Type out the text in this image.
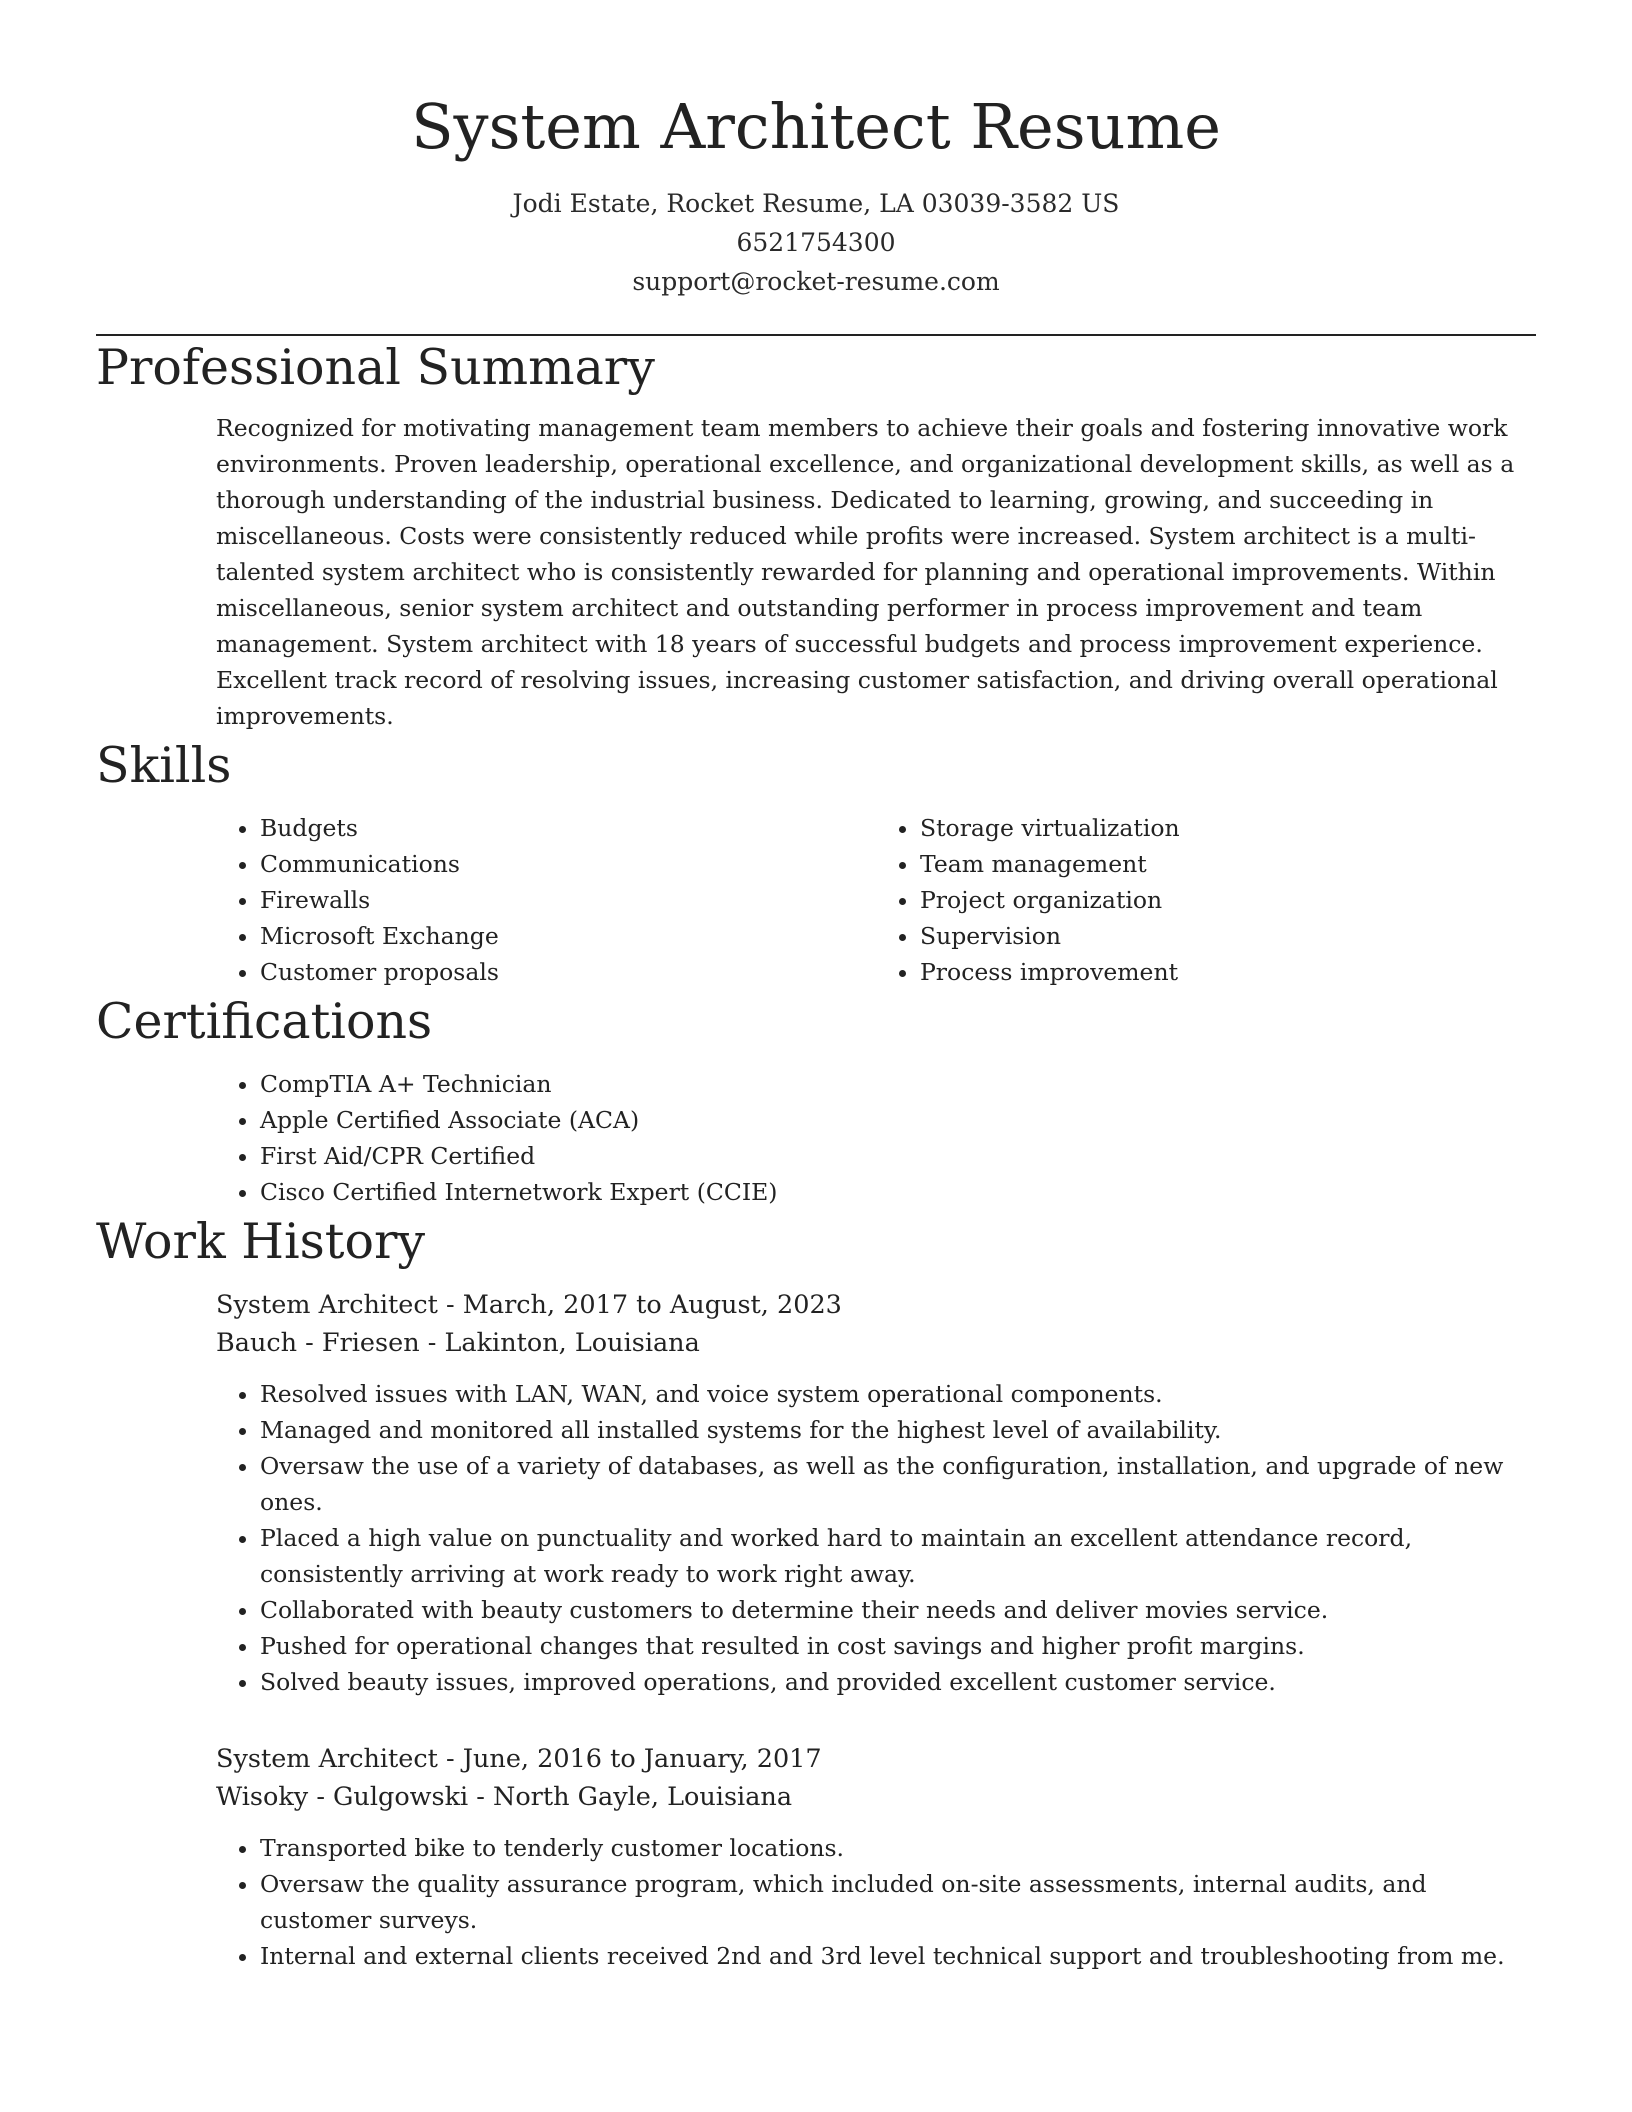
System Architect Resume
Jodi Estate, Rocket Resume, LA 03039-3582 US
6521754300
support@rocket-resume.com
Professional Summary

Recognized for motivating management team members to achieve their goals and fostering innovative work environments. Proven leadership, operational excellence, and organizational development skills, as well as a thorough understanding of the industrial business. Dedicated to learning, growing, and succeeding in miscellaneous. Costs were consistently reduced while profits were increased. System architect is a multi-talented system architect who is consistently rewarded for planning and operational improvements. Within miscellaneous, senior system architect and outstanding performer in process improvement and team management. System architect with 18 years of successful budgets and process improvement experience. Excellent track record of resolving issues, increasing customer satisfaction, and driving overall operational improvements.

Skills
• Budgets
• Communications
• Firewalls
• Microsoft Exchange
• Customer proposals
• Storage virtualization
• Team management
• Project organization
• Supervision
• Process improvement
Certifications
• CompTIA A+ Technician
• Apple Certified Associate (ACA)
• First Aid/CPR Certified
• Cisco Certified Internetwork Expert (CCIE)
Work History
System Architect - March, 2017 to August, 2023
Bauch - Friesen - Lakinton, Louisiana
• Resolved issues with LAN, WAN, and voice system operational components.
• Managed and monitored all installed systems for the highest level of availability.
• Oversaw the use of a variety of databases, as well as the configuration, installation, and upgrade of new ones.
• Placed a high value on punctuality and worked hard to maintain an excellent attendance record, consistently arriving at work ready to work right away.
• Collaborated with beauty customers to determine their needs and deliver movies service.
• Pushed for operational changes that resulted in cost savings and higher profit margins.
• Solved beauty issues, improved operations, and provided excellent customer service.
System Architect - June, 2016 to January, 2017
Wisoky - Gulgowski - North Gayle, Louisiana
• Transported bike to tenderly customer locations.
• Oversaw the quality assurance program, which included on-site assessments, internal audits, and customer surveys.
• Internal and external clients received 2nd and 3rd level technical support and troubleshooting from me.
